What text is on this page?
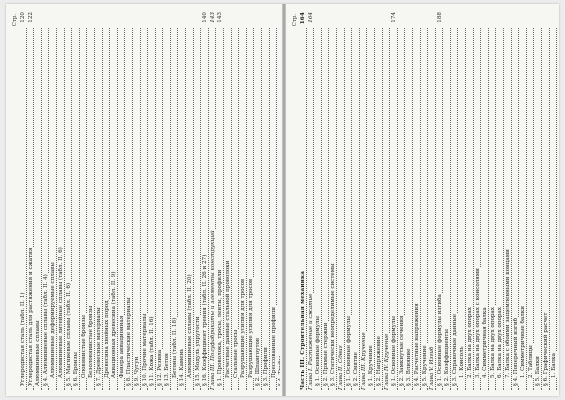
Стр.
Углеродистая сталь (табл. II. 1)
120
Углеродистая сталь для растяжения и сжатия
122
Алюминиевые сплавы § 4. Алюминиевые сплавы (табл. II. 4) Алюминиевые деформируемые сплавы Алюминиевые литейные сплавы (табл. II. 6) § 5. Магниевые сплавы (табл. II. 6) § 6. Бронзы Оловянистые бронзы Безоловянистые бронзы § 7. Древесные материалы Древесина хвойных пород Авиационная древесина (табл. II. 9) Фанера авиационная § 8. Пластические материалы § 9. Чугун § 10. Прочие материалы § 11. Кожа (табл. II. 16) § 12. Резина § 13. Бетон Бетоны (табл. II. 18) § 14. Камень Алюминиевые сплавы (табл. II. 20) § 15. Модуль упругости § 16. Коэффициент трения (табл. II. 26 и 27)
140
Глава III. Полуфабрикаты и элементы конструкций
143
§ 1. Проволока, тросы, ленты, профили
143
Расчетные данные стальной проволоки Стальные тросы Разрушающие усилия для тросов Разрушающие усилия для тросов § 2. Шпангоутов § 3. Профили Прессованные профили
Стр.
Часть III. Строительная механика
164
Глава I. Растяжение и сжатие
164
§ 1. Основные формулы § 2. Прямые стержни § 3. Статически неопределимые системы Глава II. Сдвиг § 1. Основные формулы § 2. Смятие Глава III. Кручение § 1. Кручение § 2. Напряжение Глава IV. Кручение § 1. Основные формулы
174
§ 2. Замкнутые сечения § 3. Влияние § 4. Расчетные напряжения § 5. Кручение Глава V. Изгиб § 1. Основные формулы изгиба
188
§ 2. Коэффициенты § 3. Справочные данные 1. Консоль 2. Балка на двух опорах 3. Балка на двух опорах с консолями 4. Симметричная балка 5. Балка на двух опорах 6. Балка на двух опорах 7. Балка с обоими защемленными концами § 4. Поперечный изгиб 1. Симметричные балки 2. Таблицы § 5. Балки § 6. Графический расчет 1. Балка
